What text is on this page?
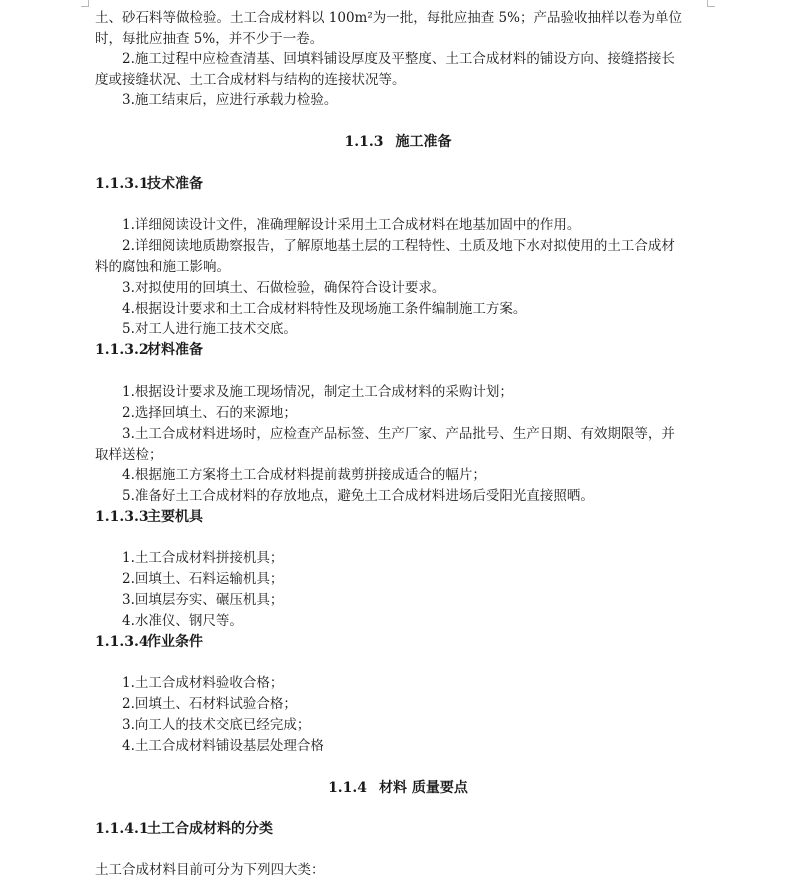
土、砂石料等做检验。土工合成材料以 100m²为一批，每批应抽查 5%；产品验收抽样以卷为单位
时，每批应抽查 5%，并不少于一卷。
2.施工过程中应检查清基、回填料铺设厚度及平整度、土工合成材料的铺设方向、接缝搭接长
度或接缝状况、土工合成材料与结构的连接状况等。
3.施工结束后，应进行承载力检验。
1.1.3 施工准备
1.1.3.1技术准备
1.详细阅读设计文件，准确理解设计采用土工合成材料在地基加固中的作用。
2.详细阅读地质勘察报告，了解原地基土层的工程特性、土质及地下水对拟使用的土工合成材
料的腐蚀和施工影响。
3.对拟使用的回填土、石做检验，确保符合设计要求。
4.根据设计要求和土工合成材料特性及现场施工条件编制施工方案。
5.对工人进行施工技术交底。
1.1.3.2材料准备
1.根据设计要求及施工现场情况，制定土工合成材料的采购计划；
2.选择回填土、石的来源地；
3.土工合成材料进场时，应检查产品标签、生产厂家、产品批号、生产日期、有效期限等，并
取样送检；
4.根据施工方案将土工合成材料提前裁剪拼接成适合的幅片；
5.准备好土工合成材料的存放地点，避免土工合成材料进场后受阳光直接照晒。
1.1.3.3主要机具
1.土工合成材料拼接机具；
2.回填土、石料运输机具；
3.回填层夯实、碾压机具；
4.水准仪、钢尺等。
1.1.3.4作业条件
1.土工合成材料验收合格；
2.回填土、石材料试验合格；
3.向工人的技术交底已经完成；
4.土工合成材料铺设基层处理合格
1.1.4 材料 质量要点
1.1.4.1土工合成材料的分类
土工合成材料目前可分为下列四大类：
